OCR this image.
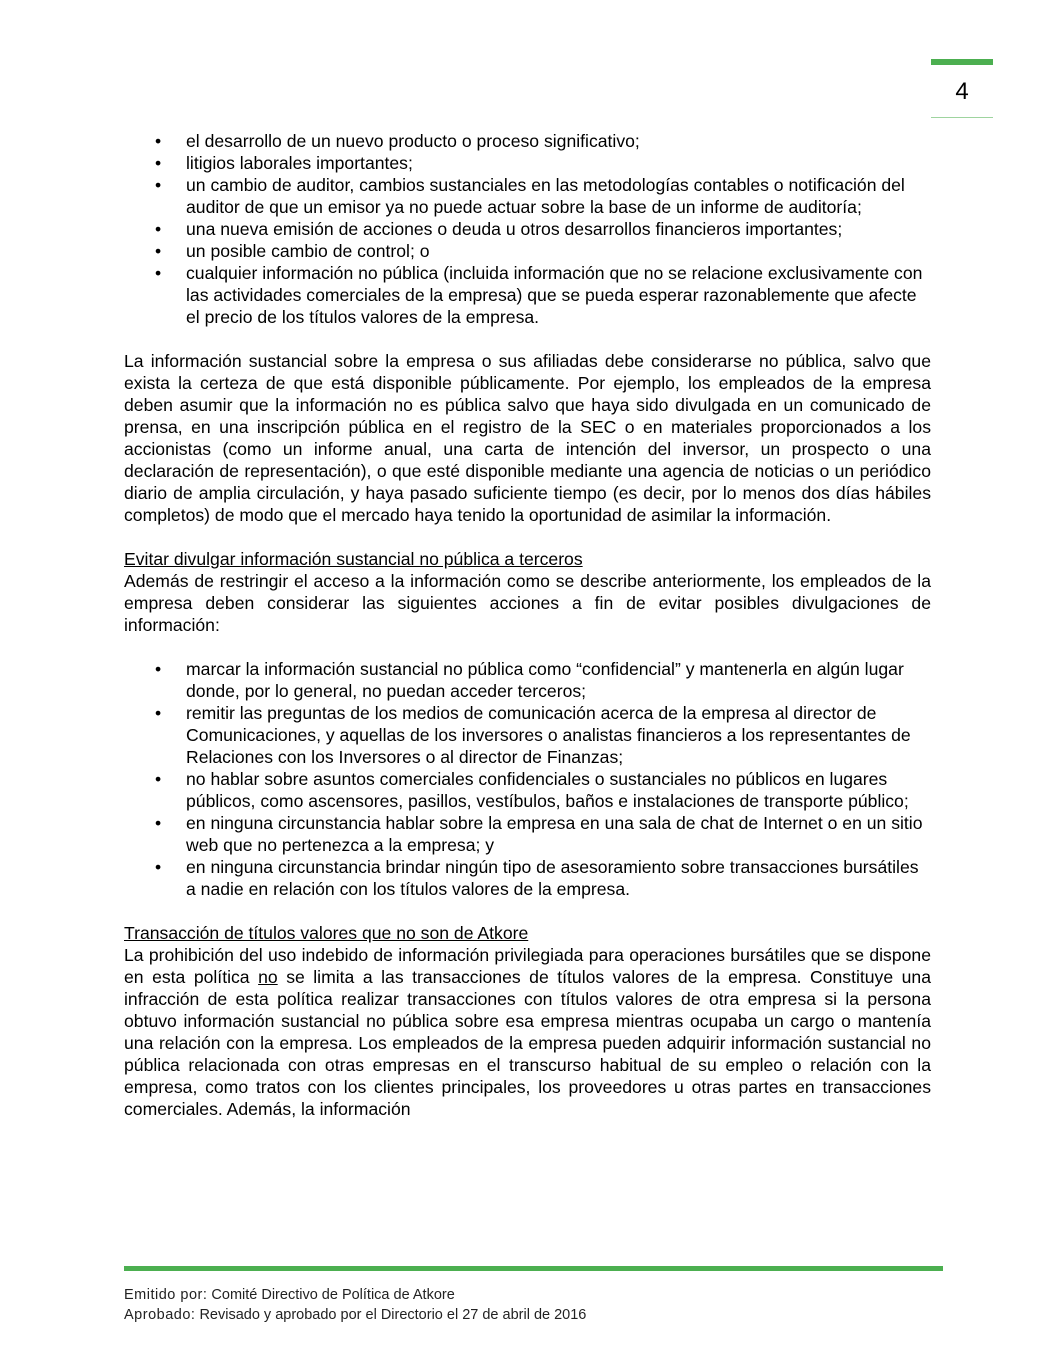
4
• el desarrollo de un nuevo producto o proceso significativo;
• litigios laborales importantes;
• un cambio de auditor, cambios sustanciales en las metodologías contables o notificación del auditor de que un emisor ya no puede actuar sobre la base de un informe de auditoría;
• una nueva emisión de acciones o deuda u otros desarrollos financieros importantes;
• un posible cambio de control; o
• cualquier información no pública (incluida información que no se relacione exclusivamente con las actividades comerciales de la empresa) que se pueda esperar razonablemente que afecte el precio de los títulos valores de la empresa.

La información sustancial sobre la empresa o sus afiliadas debe considerarse no pública, salvo que exista la certeza de que está disponible públicamente. Por ejemplo, los empleados de la empresa deben asumir que la información no es pública salvo que haya sido divulgada en un comunicado de prensa, en una inscripción pública en el registro de la SEC o en materiales proporcionados a los accionistas (como un informe anual, una carta de intención del inversor, un prospecto o una declaración de representación), o que esté disponible mediante una agencia de noticias o un periódico diario de amplia circulación, y haya pasado suficiente tiempo (es decir, por lo menos dos días hábiles completos) de modo que el mercado haya tenido la oportunidad de asimilar la información.

Evitar divulgar información sustancial no pública a terceros

Además de restringir el acceso a la información como se describe anteriormente, los empleados de la empresa deben considerar las siguientes acciones a fin de evitar posibles divulgaciones de información:

• marcar la información sustancial no pública como “confidencial” y mantenerla en algún lugar donde, por lo general, no puedan acceder terceros;
• remitir las preguntas de los medios de comunicación acerca de la empresa al director de Comunicaciones, y aquellas de los inversores o analistas financieros a los representantes de Relaciones con los Inversores o al director de Finanzas;
• no hablar sobre asuntos comerciales confidenciales o sustanciales no públicos en lugares públicos, como ascensores, pasillos, vestíbulos, baños e instalaciones de transporte público;
• en ninguna circunstancia hablar sobre la empresa en una sala de chat de Internet o en un sitio web que no pertenezca a la empresa; y
• en ninguna circunstancia brindar ningún tipo de asesoramiento sobre transacciones bursátiles a nadie en relación con los títulos valores de la empresa.

Transacción de títulos valores que no son de Atkore

La prohibición del uso indebido de información privilegiada para operaciones bursátiles que se dispone en esta política no se limita a las transacciones de títulos valores de la empresa. Constituye una infracción de esta política realizar transacciones con títulos valores de otra empresa si la persona obtuvo información sustancial no pública sobre esa empresa mientras ocupaba un cargo o mantenía una relación con la empresa. Los empleados de la empresa pueden adquirir información sustancial no pública relacionada con otras empresas en el transcurso habitual de su empleo o relación con la empresa, como tratos con los clientes principales, los proveedores u otras partes en transacciones comerciales. Además, la información

Emitido por: Comité Directivo de Política de Atkore
Aprobado: Revisado y aprobado por el Directorio el 27 de abril de 2016
